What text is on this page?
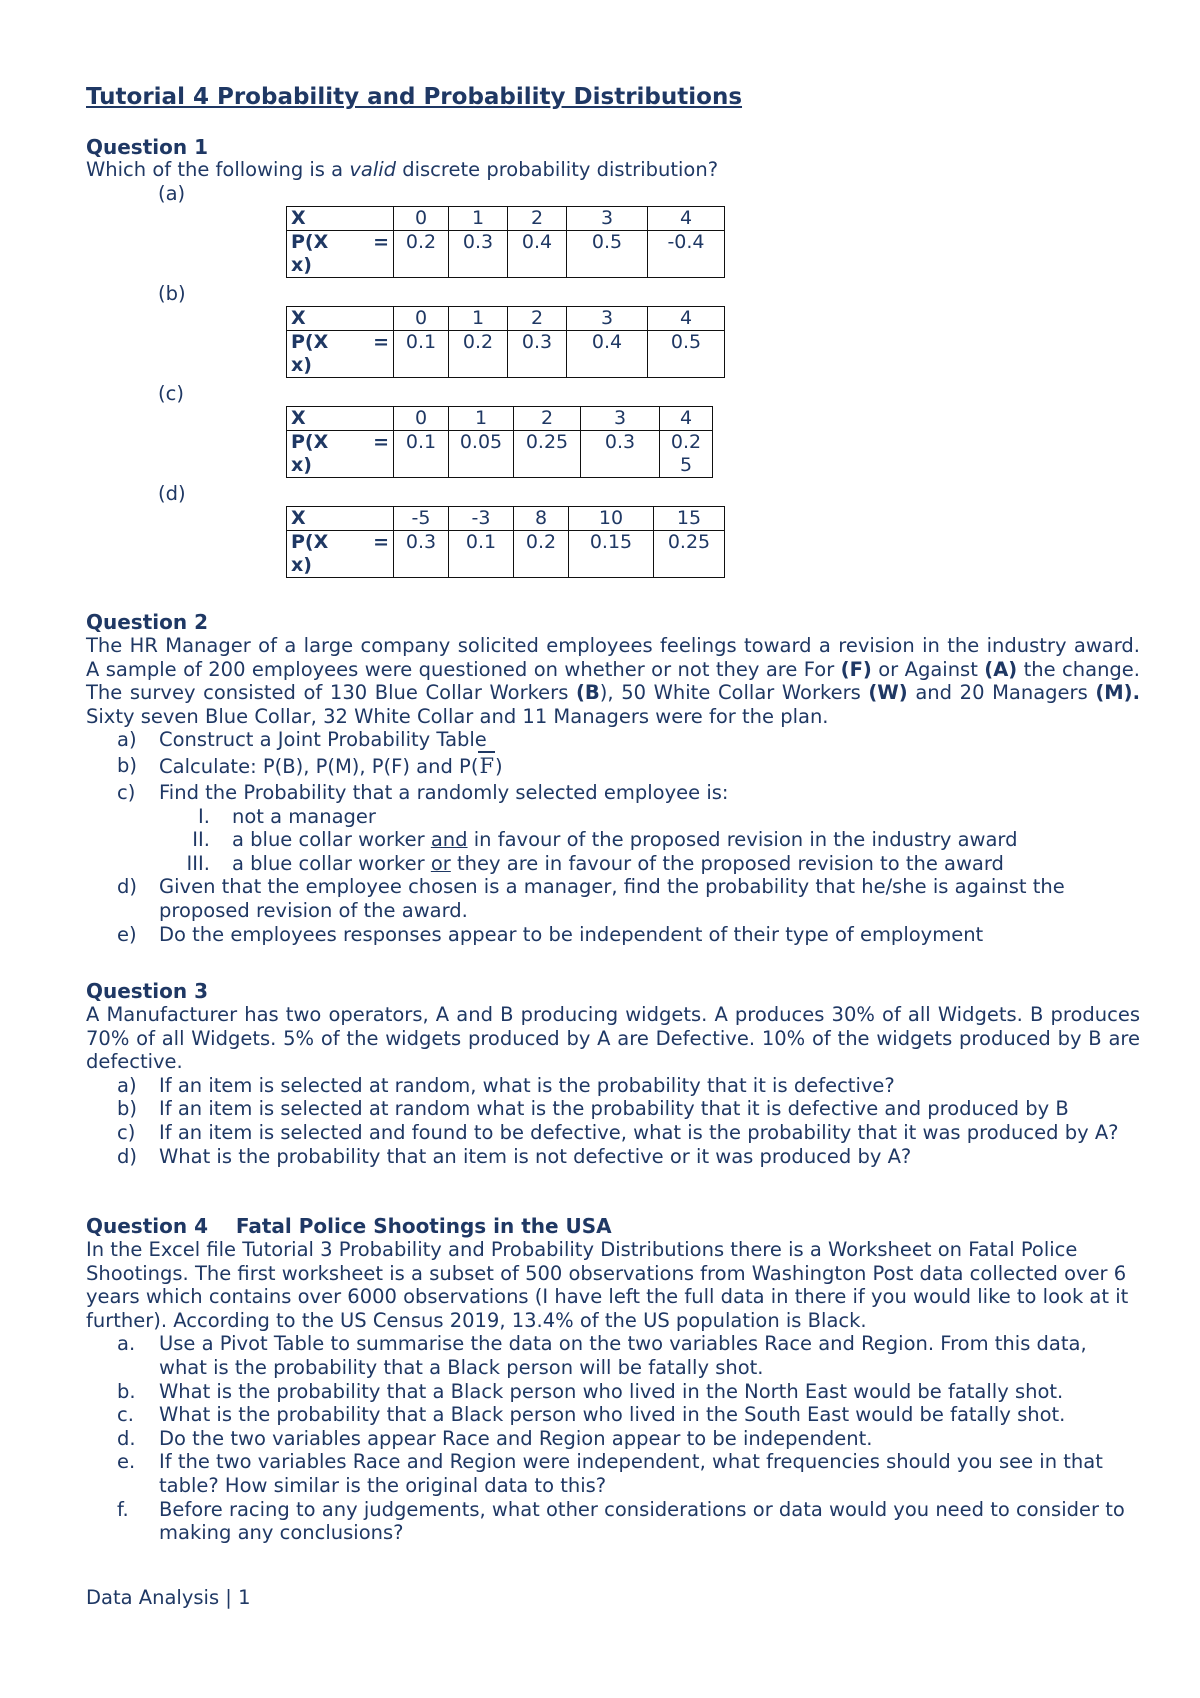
Tutorial 4 Probability and Probability Distributions
Question 1
Which of the following is a valid discrete probability distribution?
(a)
X	0	1	2	3	4

P(X =
x)	0.2	0.3	0.4	0.5	-0.4
(b)
X	0	1	2	3	4

P(X =
x)	0.1	0.2	0.3	0.4	0.5
(c)
X	0	1	2	3	4

P(X =
x)	0.1	0.05	0.25	0.3	0.2 5
(d)
X	-5	-3	8	10	15

P(X =
x)	0.3	0.1	0.2	0.15	0.25
Question 2

The HR Manager of a large company solicited employees feelings toward a revision in the industry award. A sample of 200 employees were questioned on whether or not they are For (F) or Against (A) the change. The survey consisted of 130 Blue Collar Workers (B), 50 White Collar Workers (W) and 20 Managers (M). Sixty seven Blue Collar, 32 White Collar and 11 Managers were for the plan.

a)	Construct a Joint Probability Table
b)	Calculate: P(B), P(M), P(F) and P(F)
c)	Find the Probability that a randomly selected employee is:
I. not a manager
II. a blue collar worker and in favour of the proposed revision in the industry award
III. a blue collar worker or they are in favour of the proposed revision to the award
d)	Given that the employee chosen is a manager, find the probability that he/she is against the proposed revision of the award.
e)	Do the employees responses appear to be independent of their type of employment
Question 3

A Manufacturer has two operators, A and B producing widgets. A produces 30% of all Widgets. B produces 70% of all Widgets. 5% of the widgets produced by A are Defective. 10% of the widgets produced by B are defective.

a)	If an item is selected at random, what is the probability that it is defective?
b)	If an item is selected at random what is the probability that it is defective and produced by B
c)	If an item is selected and found to be defective, what is the probability that it was produced by A?
d)	What is the probability that an item is not defective or it was produced by A?
Question 4    Fatal Police Shootings in the USA

In the Excel file Tutorial 3 Probability and Probability Distributions there is a Worksheet on Fatal Police Shootings. The first worksheet is a subset of 500 observations from Washington Post data collected over 6 years which contains over 6000 observations (I have left the full data in there if you would like to look at it further). According to the US Census 2019, 13.4% of the US population is Black.

a.	Use a Pivot Table to summarise the data on the two variables Race and Region. From this data, what is the probability that a Black person will be fatally shot.
b.	What is the probability that a Black person who lived in the North East would be fatally shot.
c.	What is the probability that a Black person who lived in the South East would be fatally shot.
d.	Do the two variables appear Race and Region appear to be independent.
e.	If the two variables Race and Region were independent, what frequencies should you see in that table? How similar is the original data to this?
f.	Before racing to any judgements, what other considerations or data would you need to consider to making any conclusions?
Data Analysis | 1
